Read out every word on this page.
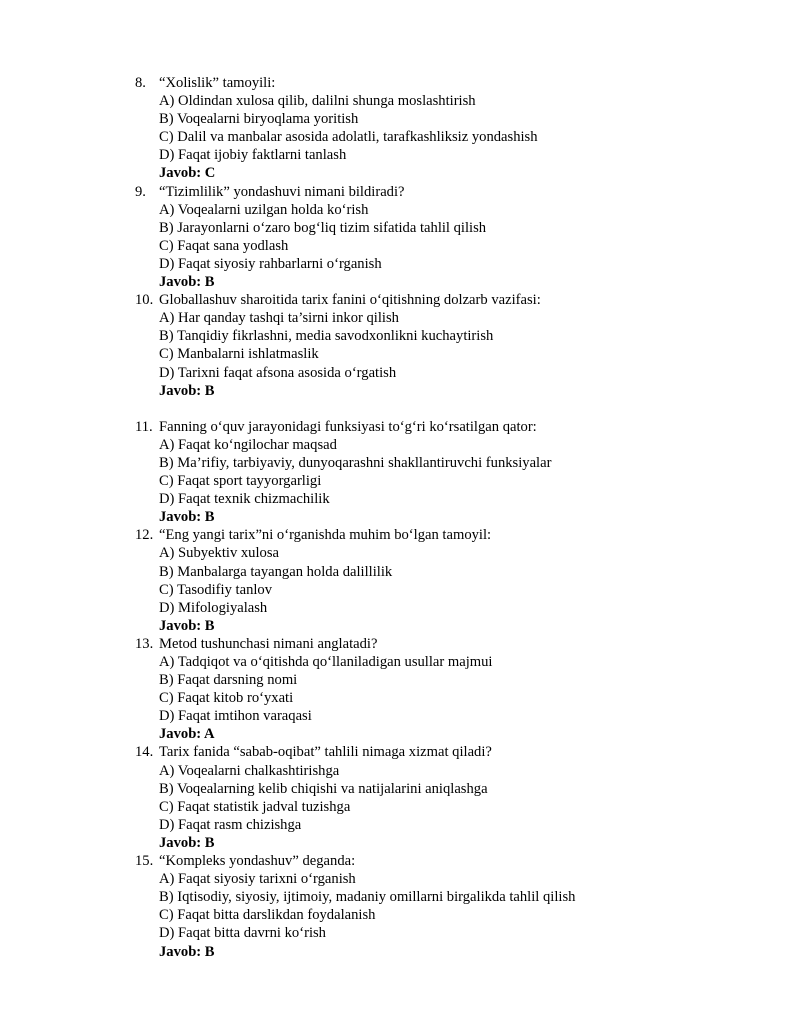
8. “Xolislik” tamoyili:
A) Oldindan xulosa qilib, dalilni shunga moslashtirish
B) Voqealarni biryoqlama yoritish
C) Dalil va manbalar asosida adolatli, tarafkashliksiz yondashish
D) Faqat ijobiy faktlarni tanlash
Javob: C
9. “Tizimlilik” yondashuvi nimani bildiradi?
A) Voqealarni uzilgan holda ko‘rish
B) Jarayonlarni o‘zaro bog‘liq tizim sifatida tahlil qilish
C) Faqat sana yodlash
D) Faqat siyosiy rahbarlarni o‘rganish
Javob: B
10. Globallashuv sharoitida tarix fanini o‘qitishning dolzarb vazifasi:
A) Har qanday tashqi ta’sirni inkor qilish
B) Tanqidiy fikrlashni, media savodxonlikni kuchaytirish
C) Manbalarni ishlatmaslik
D) Tarixni faqat afsona asosida o‘rgatish
Javob: B
11. Fanning o‘quv jarayonidagi funksiyasi to‘g‘ri ko‘rsatilgan qator:
A) Faqat ko‘ngilochar maqsad
B) Ma’rifiy, tarbiyaviy, dunyoqarashni shakllantiruvchi funksiyalar
C) Faqat sport tayyorgarligi
D) Faqat texnik chizmachilik
Javob: B
12. “Eng yangi tarix”ni o‘rganishda muhim bo‘lgan tamoyil:
A) Subyektiv xulosa
B) Manbalarga tayangan holda dalillilik
C) Tasodifiy tanlov
D) Mifologiyalash
Javob: B
13. Metod tushunchasi nimani anglatadi?
A) Tadqiqot va o‘qitishda qo‘llaniladigan usullar majmui
B) Faqat darsning nomi
C) Faqat kitob ro‘yxati
D) Faqat imtihon varaqasi
Javob: A
14. Tarix fanida “sabab-oqibat” tahlili nimaga xizmat qiladi?
A) Voqealarni chalkashtirishga
B) Voqealarning kelib chiqishi va natijalarini aniqlashga
C) Faqat statistik jadval tuzishga
D) Faqat rasm chizishga
Javob: B
15. “Kompleks yondashuv” deganda:
A) Faqat siyosiy tarixni o‘rganish
B) Iqtisodiy, siyosiy, ijtimoiy, madaniy omillarni birgalikda tahlil qilish
C) Faqat bitta darslikdan foydalanish
D) Faqat bitta davrni ko‘rish
Javob: B
